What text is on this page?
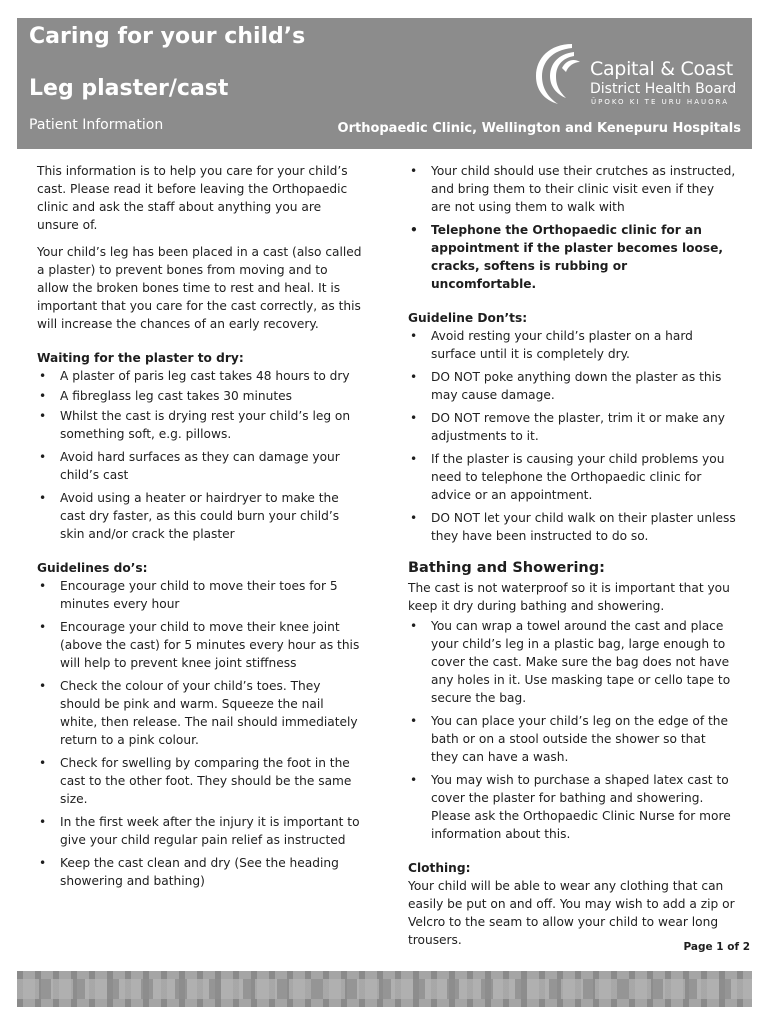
Caring for your child’s
Leg plaster/cast
Patient Information	Orthopaedic Clinic, Wellington and Kenepuru Hospitals
Capital & Coast
District Health Board
ŪPOKO KI TE URU HAUORA

This information is to help you care for your child’s cast. Please read it before leaving the Orthopaedic clinic and ask the staff about anything you are unsure of.

Your child’s leg has been placed in a cast (also called a plaster) to prevent bones from moving and to allow the broken bones time to rest and heal. It is important that you care for the cast correctly, as this will increase the chances of an early recovery.

Waiting for the plaster to dry:
• A plaster of paris leg cast takes 48 hours to dry
• A fibreglass leg cast takes 30 minutes
• Whilst the cast is drying rest your child’s leg on something soft, e.g. pillows.
• Avoid hard surfaces as they can damage your child’s cast
• Avoid using a heater or hairdryer to make the cast dry faster, as this could burn your child’s skin and/or crack the plaster
Guidelines do’s:
• Encourage your child to move their toes for 5 minutes every hour
• Encourage your child to move their knee joint (above the cast) for 5 minutes every hour as this will help to prevent knee joint stiffness
• Check the colour of your child’s toes. They should be pink and warm. Squeeze the nail white, then release. The nail should immediately return to a pink colour.
• Check for swelling by comparing the foot in the cast to the other foot. They should be the same size.
• In the first week after the injury it is important to give your child regular pain relief as instructed
• Keep the cast clean and dry (See the heading showering and bathing)
• Your child should use their crutches as instructed, and bring them to their clinic visit even if they are not using them to walk with
• Telephone the Orthopaedic clinic for an appointment if the plaster becomes loose, cracks, softens is rubbing or uncomfortable.
Guideline Don’ts:
• Avoid resting your child’s plaster on a hard surface until it is completely dry.
• DO NOT poke anything down the plaster as this may cause damage.
• DO NOT remove the plaster, trim it or make any adjustments to it.
• If the plaster is causing your child problems you need to telephone the Orthopaedic clinic for advice or an appointment.
• DO NOT let your child walk on their plaster unless they have been instructed to do so.
Bathing and Showering:

The cast is not waterproof so it is important that you keep it dry during bathing and showering.

• You can wrap a towel around the cast and place your child’s leg in a plastic bag, large enough to cover the cast. Make sure the bag does not have any holes in it. Use masking tape or cello tape to secure the bag.
• You can place your child’s leg on the edge of the bath or on a stool outside the shower so that they can have a wash.
• You may wish to purchase a shaped latex cast to cover the plaster for bathing and showering. Please ask the Orthopaedic Clinic Nurse for more information about this.
Clothing:

Your child will be able to wear any clothing that can easily be put on and off. You may wish to add a zip or Velcro to the seam to allow your child to wear long trousers.	Page 1 of 2
